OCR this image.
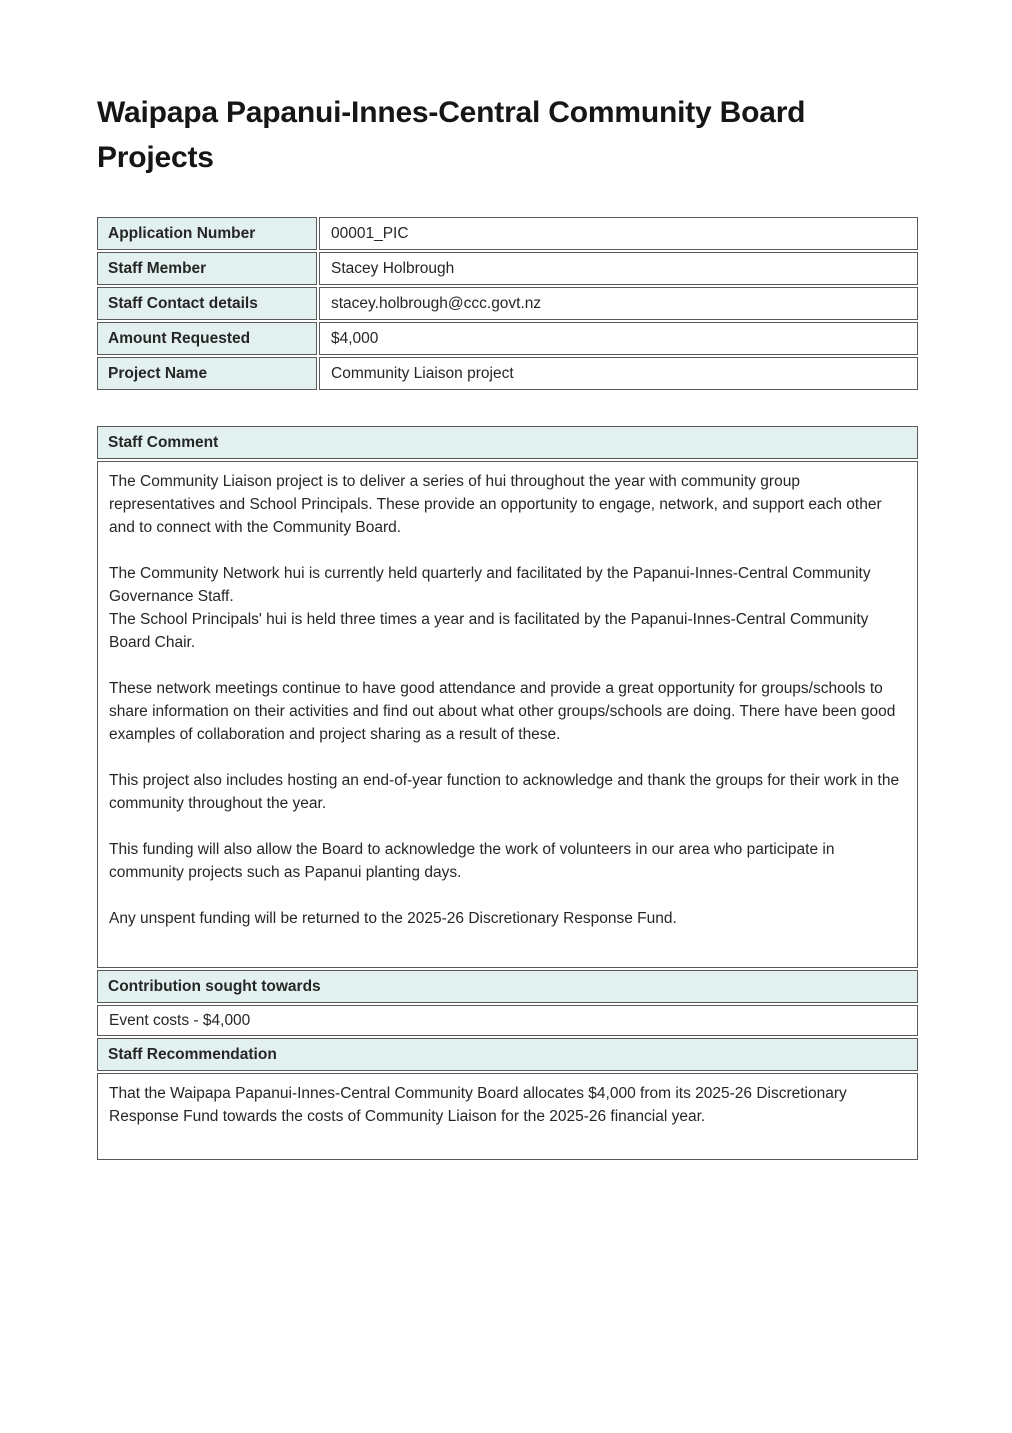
Waipapa Papanui-Innes-Central Community Board Projects
Application Number	00001_PIC
Staff Member	Stacey Holbrough
Staff Contact details	stacey.holbrough@ccc.govt.nz
Amount Requested	$4,000
Project Name	Community Liaison project
Staff Comment

The Community Liaison project is to deliver a series of hui throughout the year with community group representatives and School Principals. These provide an opportunity to engage, network, and support each other and to connect with the Community Board.

The Community Network hui is currently held quarterly and facilitated by the Papanui-Innes-Central Community Governance Staff.
The School Principals' hui is held three times a year and is facilitated by the Papanui-Innes-Central Community Board Chair.

These network meetings continue to have good attendance and provide a great opportunity for groups/schools to share information on their activities and find out about what other groups/schools are doing. There have been good examples of collaboration and project sharing as a result of these.

This project also includes hosting an end-of-year function to acknowledge and thank the groups for their work in the community throughout the year.

This funding will also allow the Board to acknowledge the work of volunteers in our area who participate in community projects such as Papanui planting days.

Any unspent funding will be returned to the 2025-26 Discretionary Response Fund.

Contribution sought towards

Event costs - $4,000

Staff Recommendation

That the Waipapa Papanui-Innes-Central Community Board allocates $4,000 from its 2025-26 Discretionary Response Fund towards the costs of Community Liaison for the 2025-26 financial year.
